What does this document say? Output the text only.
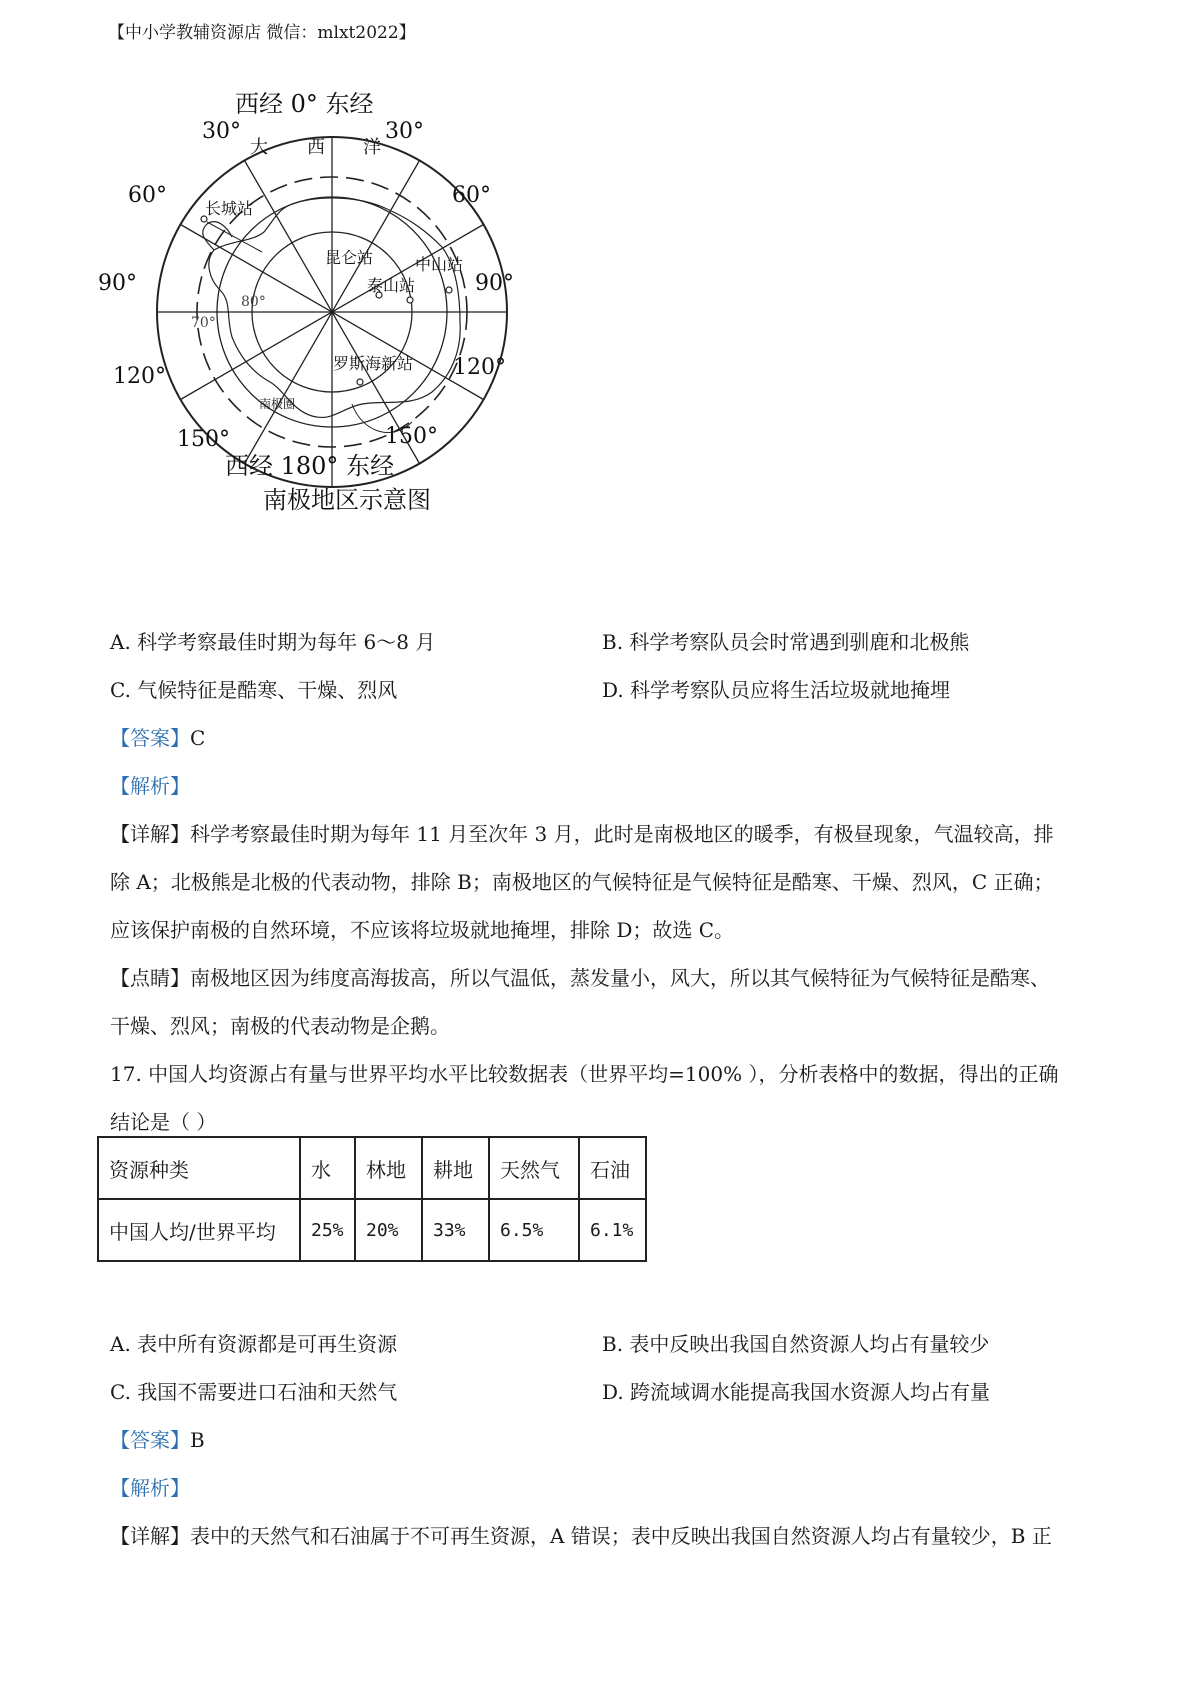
【中小学教辅资源店 微信：mlxt2022】
西经 0° 东经
30°	30°
60°	60°
90°	90°
120°	120°
150°	150°
大 西 洋
80°
70°
南极圈
长城站
昆仑站	中山站
泰山站
罗斯海新站
西经 180° 东经
南极地区示意图
A. 科学考察最佳时期为每年 6～8 月	B. 科学考察队员会时常遇到驯鹿和北极熊
C. 气候特征是酷寒、干燥、烈风	D. 科学考察队员应将生活垃圾就地掩埋
【答案】C
【解析】
【详解】科学考察最佳时期为每年 11 月至次年 3 月，此时是南极地区的暖季，有极昼现象，气温较高，排
除 A；北极熊是北极的代表动物，排除 B；南极地区的气候特征是气候特征是酷寒、干燥、烈风，C 正确；
应该保护南极的自然环境，不应该将垃圾就地掩埋，排除 D；故选 C。
【点睛】南极地区因为纬度高海拔高，所以气温低，蒸发量小，风大，所以其气候特征为气候特征是酷寒、
干燥、烈风；南极的代表动物是企鹅。
17. 中国人均资源占有量与世界平均水平比较数据表（世界平均=100% ），分析表格中的数据，得出的正确
结论是（ ）
资源种类	水	林地	耕地	天然气	石油
中国人均/世界平均	25%	20%	33%	6.5%	6.1%
A. 表中所有资源都是可再生资源	B. 表中反映出我国自然资源人均占有量较少
C. 我国不需要进口石油和天然气	D. 跨流域调水能提高我国水资源人均占有量
【答案】B
【解析】
【详解】表中的天然气和石油属于不可再生资源，A 错误；表中反映出我国自然资源人均占有量较少，B 正
